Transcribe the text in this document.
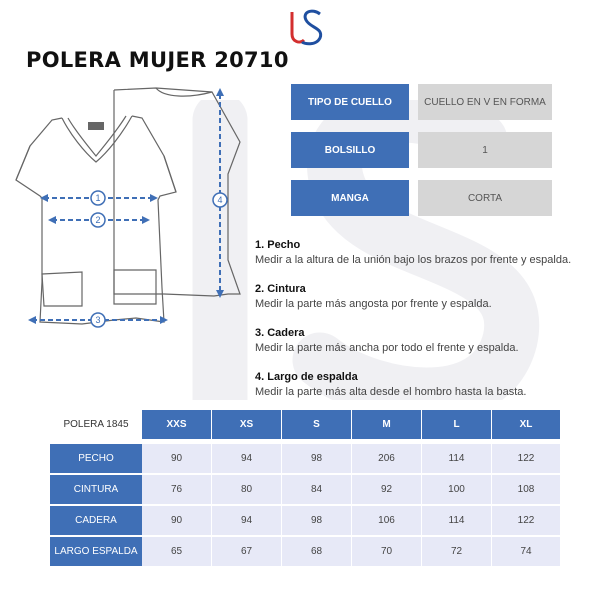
POLERA MUJER 20710
1
2
3
4
TIPO DE CUELLO	CUELLO EN V EN FORMA
BOLSILLO	1
MANGA	CORTA
1. Pecho
Medir a la altura de la unión bajo los brazos por frente y espalda.
2. Cintura
Medir la parte más angosta por frente y espalda.
3. Cadera
Medir la parte más ancha por todo el frente y espalda.
4. Largo de espalda
Medir la parte más alta desde el hombro hasta la basta.
POLERA 1845	XXS	XS	S	M	L	XL
PECHO	90	94	98	206	114	122
CINTURA	76	80	84	92	100	108
CADERA	90	94	98	106	114	122
LARGO ESPALDA	65	67	68	70	72	74
